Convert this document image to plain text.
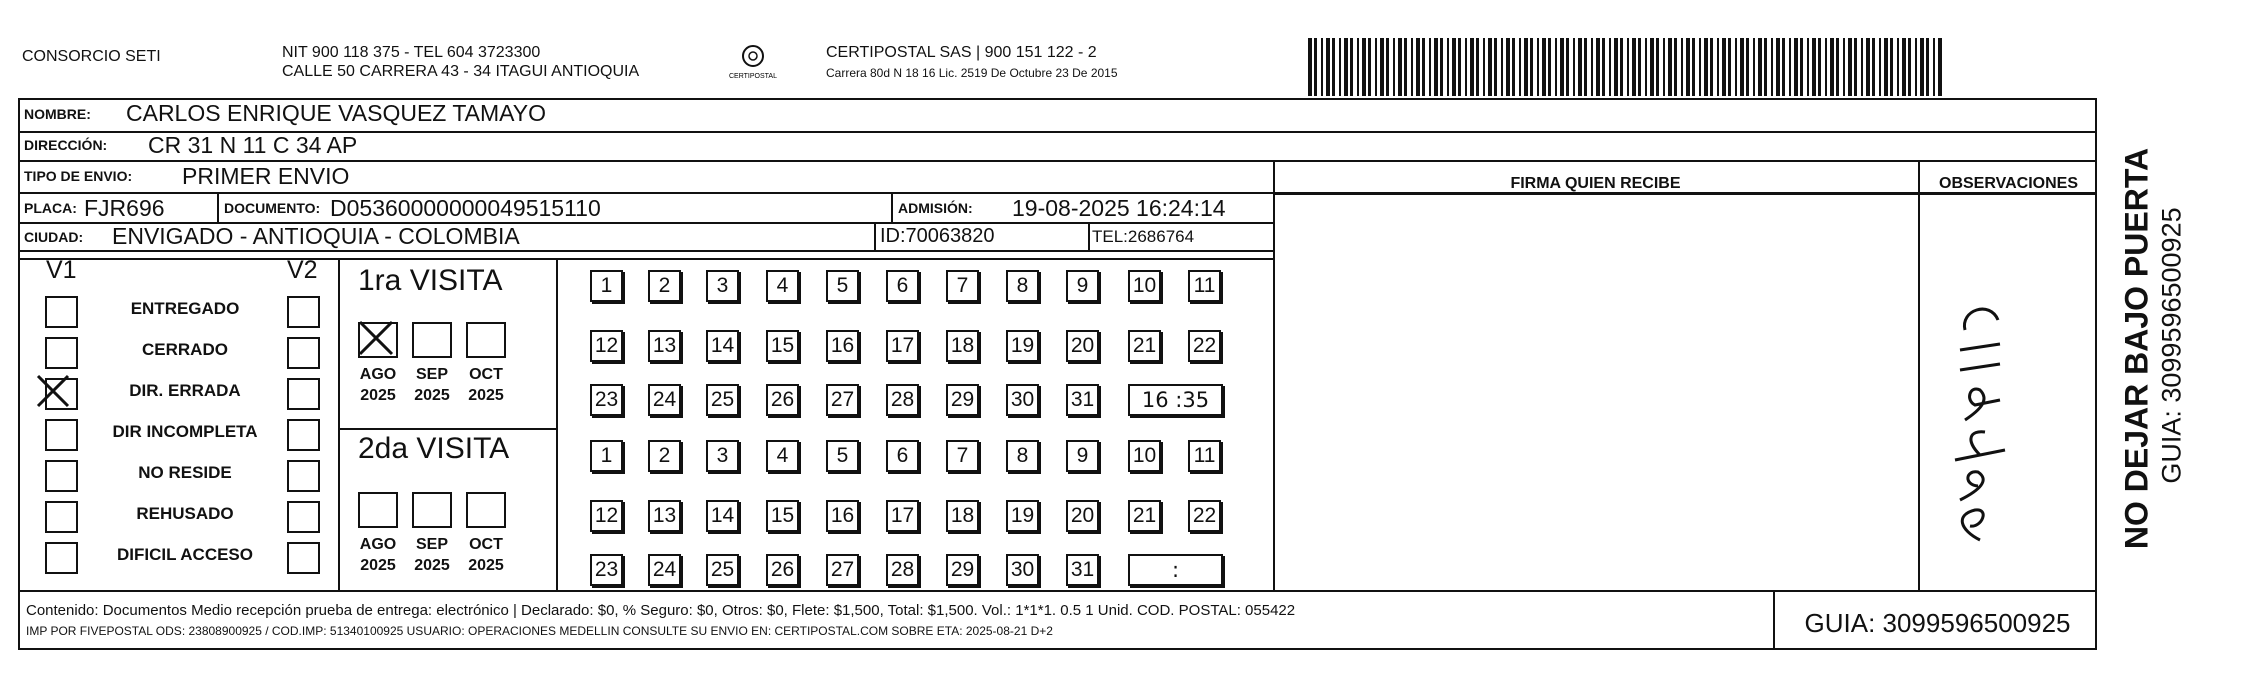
CONSORCIO SETI	NIT 900 118 375 - TEL 604 3723300
CALLE 50 CARRERA 43 - 34 ITAGUI ANTIOQUIA	CERTIPOSTAL
CERTIPOSTAL SAS | 900 151 122 - 2
Carrera 80d N 18 16 Lic. 2519 De Octubre 23 De 2015
NOMBRE: CARLOS ENRIQUE VASQUEZ TAMAYO
DIRECCIÓN: CR 31 N 11 C 34 AP
TIPO DE ENVIO: PRIMER ENVIO	FIRMA QUIEN RECIBE	OBSERVACIONES
PLACA: FJR696	DOCUMENTO: D05360000000049515110	ADMISIÓN: 19-08-2025 16:24:14
CIUDAD: ENVIGADO - ANTIOQUIA - COLOMBIA	ID:70063820	TEL:2686764
V1	V2 1ra VISITA
2da VISITA
Contenido: Documentos Medio recepción prueba de entrega: electrónico | Declarado: $0, % Seguro: $0, Otros: $0, Flete: $1,500, Total: $1,500. Vol.: 1*1*1. 0.5 1 Unid. COD. POSTAL: 055422
IMP POR FIVEPOSTAL ODS: 23808900925 / COD.IMP: 51340100925 USUARIO: OPERACIONES MEDELLIN CONSULTE SU ENVIO EN: CERTIPOSTAL.COM SOBRE ETA: 2025-08-21 D+2	GUIA: 3099596500925
NO DEJAR BAJO PUERTA GUIA: 3099596500925
ENTREGADO
CERRADO
DIR. ERRADA
DIR INCOMPLETA
NO RESIDE
REHUSADO
DIFICIL ACCESO
AGO
2025
SEP
2025
OCT
2025
AGO
2025
SEP
2025
OCT
2025
1	2	3	4	5	6	7	8	9	10 11
12 13 14 15 16 17 18 19 20 21 22
23 24 25 26 27 28 29 30 31	16 :35
1	2	3	4	5	6	7	8	9	10 11
12 13 14 15 16 17 18 19 20 21 22
23 24 25 26 27 28 29 30 31	:
